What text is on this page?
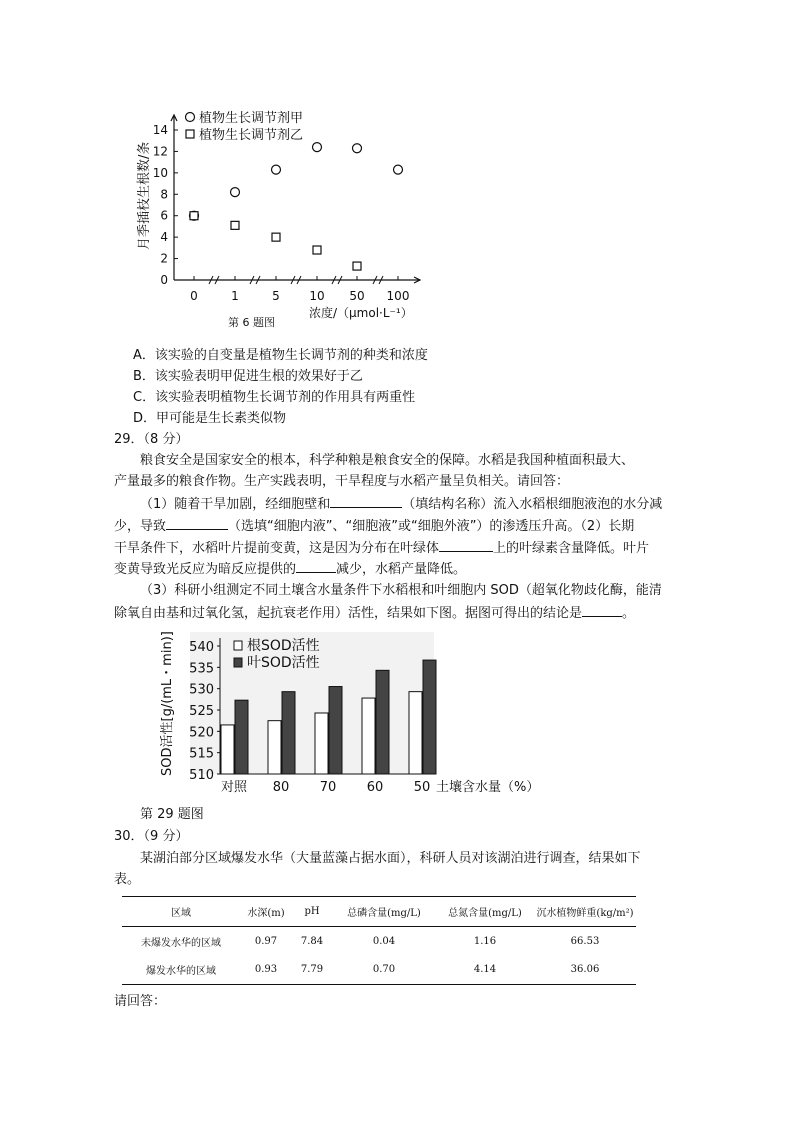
0
2
4
6
8
10
12
14
0	1	5 10 50 100
植物生长调节剂甲
植物生长调节剂乙
月季插枝生根数/条
浓度/（μmol·L⁻¹）
第 6 题图
A．该实验的自变量是植物生长调节剂的种类和浓度
B．该实验表明甲促进生根的效果好于乙
C．该实验表明植物生长调节剂的作用具有两重性
D．甲可能是生长素类似物
29．（8 分）
粮食安全是国家安全的根本，科学种粮是粮食安全的保障。水稻是我国种植面积最大、
产量最多的粮食作物。生产实践表明，干旱程度与水稻产量呈负相关。请回答：
（1）随着干旱加剧，经细胞壁和	（填结构名称）流入水稻根细胞液泡的水分减
少，导致	（选填“细胞内液”、“细胞液”或“细胞外液”）的渗透压升高。（2）长期
干旱条件下，水稻叶片提前变黄，这是因为分布在叶绿体	上的叶绿素含量降低。叶片
变黄导致光反应为暗反应提供的	减少，水稻产量降低。
（3）科研小组测定不同土壤含水量条件下水稻根和叶细胞内 SOD（超氧化物歧化酶，能清
除氧自由基和过氧化氢，起抗衰老作用）活性，结果如下图。据图可得出的结论是	。
510
515
520
525
530
535
540
对照 80 70 60 50
根SOD活性
叶SOD活性
SOD活性[g/(mL・min)]
土壤含水量（%）
第 29 题图
30．（9 分）
某湖泊部分区域爆发水华（大量蓝藻占据水面），科研人员对该湖泊进行调查，结果如下
表。
区域	水深(m)	pH	总磷含量(mg/L)	总氮含量(mg/L)	沉水植物鲜重(kg/m²)
未爆发水华的区域	0.97	7.84	0.04	1.16	66.53
爆发水华的区域	0.93	7.79	0.70	4.14	36.06
请回答：
